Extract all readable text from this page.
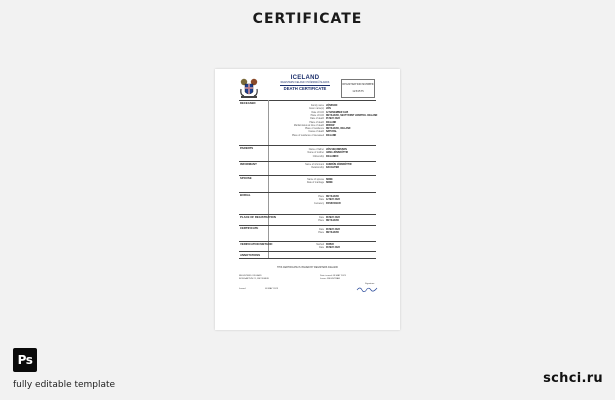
CERTIFICATE
ICELAND
REGISTERS ICELAND / PJÓÐSKRÁ ÍSLANDS
DEATH CERTIFICATE
REGISTRATION NUMBER
1234575
DECEASED
PARENTS
INFORMANT
SPOUSE
BURIAL
PLACE OF REGISTRATION
CERTIFICATE
VERIFICATION METHOD
ANNOTATIONS
THIS CERTIFICATE IS ISSUED BY REGISTERS ICELAND
REGISTERS ICELAND
BORGARTUN 21, REYKJAVIK
Date issued: 08 MAY 2023
Issuer: REGISTRAR
Signature
Issued	08 MAY 2023
Family name JÓNSSON
Given name(s) JÓN
Date of birth 12 NOVEMBER 1945
Place of birth REYKJAVIK, SEXTYFIRST HOSPITAL ICELAND
Date of death 05 MAY 2023
Place of death ICELAND
Marital status at time of death WIDOW
Place of residence REYKJAVIK, ICELAND
Cause of death NATURAL
Place of residence of deceased ICELAND
Name of father JÓN SIGURÐSSON
Name of mother ANNA JÓNSDÓTTIR
Citizenship ICELANDIC
Name of informant GUÐRÚN JÓNSDÓTTIR
Relationship DAUGHTER
Name of spouse NONE
Date of marriage NONE
Place REYKJAVIK
Date 12 MAY 2023
Cemetery FOSSVOGUR
Date 08 MAY 2023
Place REYKJAVIK
Date 08 MAY 2023
Place REYKJAVIK
Method PAPER
Date 08 MAY 2023
Ps
fully editable template	schci.ru
